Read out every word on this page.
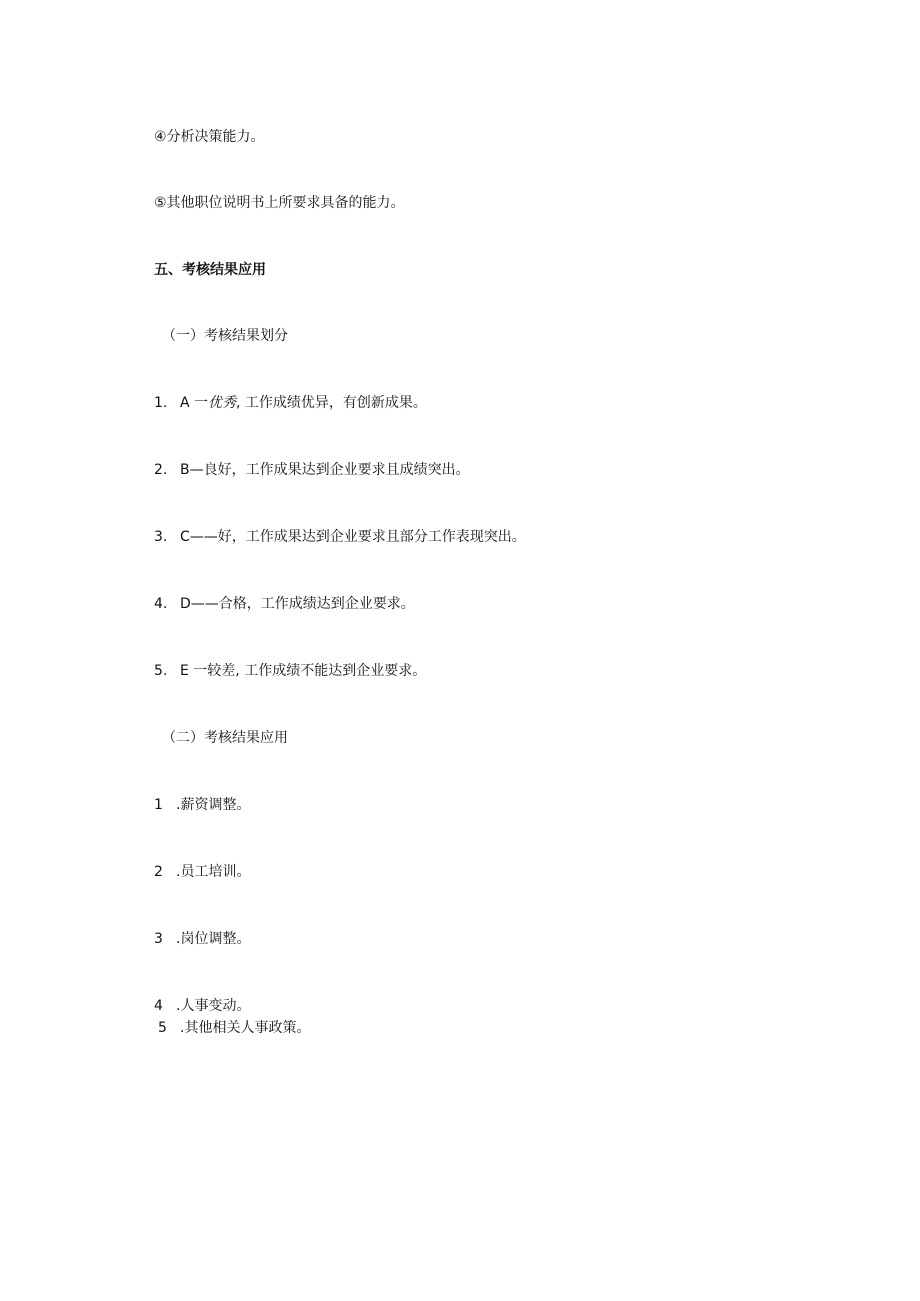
④分析决策能力。
⑤其他职位说明书上所要求具备的能力。
五、考核结果应用
（一）考核结果划分
1. A 一优秀, 工作成绩优异，有创新成果。
2. B—良好，工作成果达到企业要求且成绩突出。
3. C——好，工作成果达到企业要求且部分工作表现突出。
4. D——合格，工作成绩达到企业要求。
5. E 一较差, 工作成绩不能达到企业要求。
（二）考核结果应用
1 .薪资调整。
2 .员工培训。
3 .岗位调整。
4 .人事变动。
5 .其他相关人事政策。
